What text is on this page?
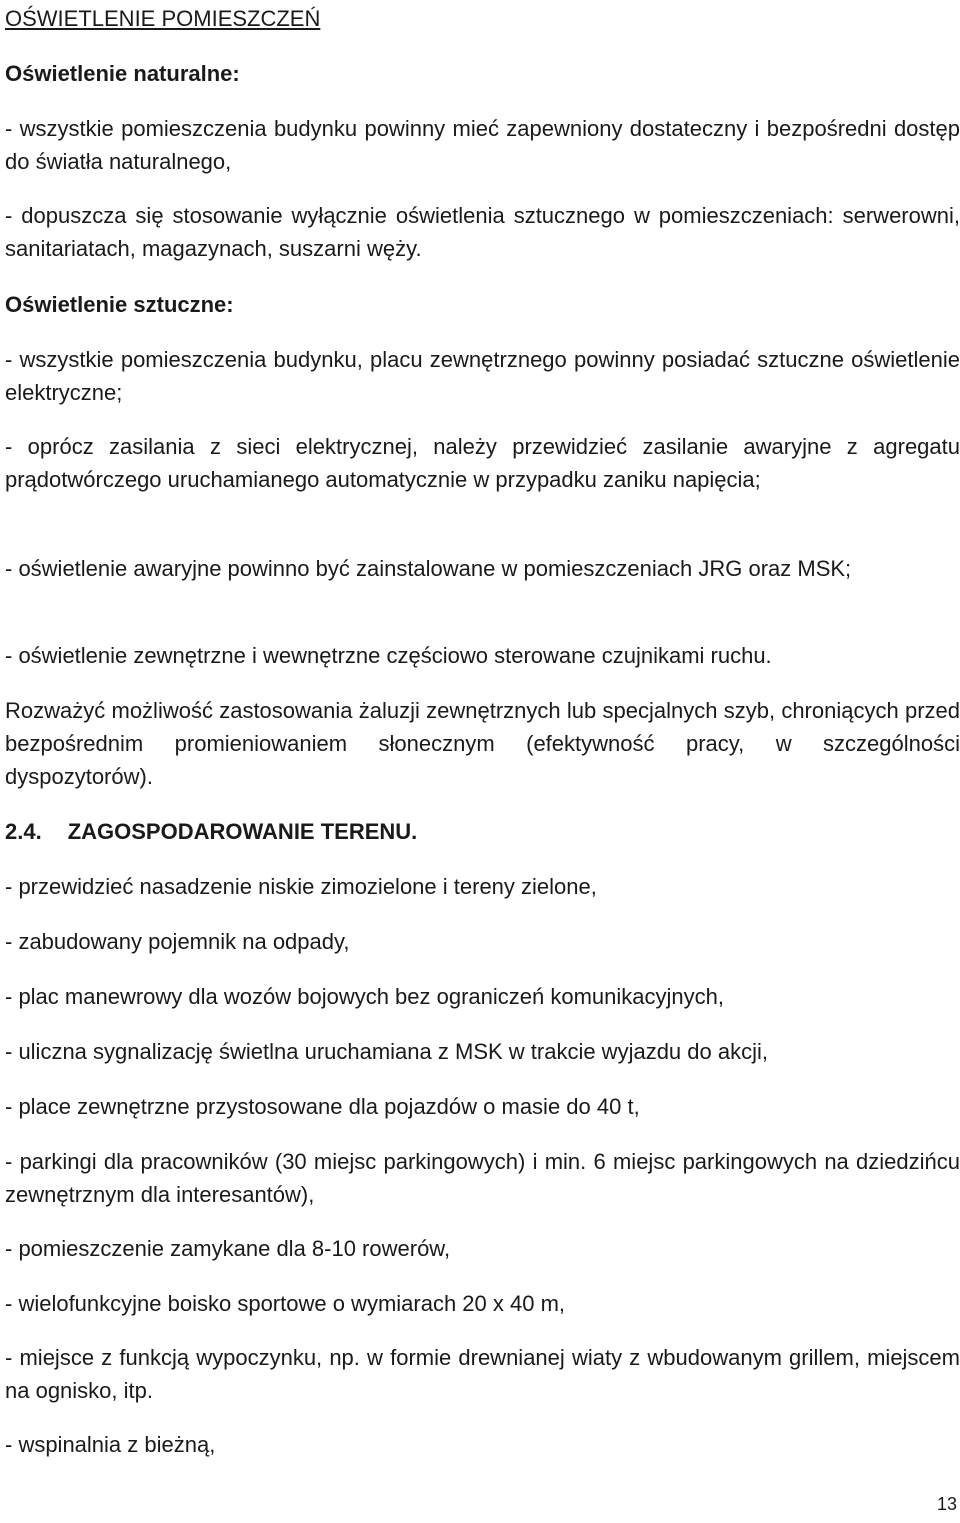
OŚWIETLENIE POMIESZCZEŃ

Oświetlenie naturalne:

- wszystkie pomieszczenia budynku powinny mieć zapewniony dostateczny i bezpośredni dostęp do światła naturalnego,

- dopuszcza się stosowanie wyłącznie oświetlenia sztucznego w pomieszczeniach: serwerowni, sanitariatach, magazynach, suszarni węży.

Oświetlenie sztuczne:

- wszystkie pomieszczenia budynku, placu zewnętrznego powinny posiadać sztuczne oświetlenie elektryczne;

- oprócz zasilania z sieci elektrycznej, należy przewidzieć zasilanie awaryjne z agregatu prądotwórczego uruchamianego automatycznie w przypadku zaniku napięcia;

- oświetlenie awaryjne powinno być zainstalowane w pomieszczeniach JRG oraz MSK;

- oświetlenie zewnętrzne i wewnętrzne częściowo sterowane czujnikami ruchu.

Rozważyć możliwość zastosowania żaluzji zewnętrznych lub specjalnych szyb, chroniących przed bezpośrednim promieniowaniem słonecznym (efektywność pracy, w szczególności dyspozytorów).

2.4. ZAGOSPODAROWANIE TERENU.

- przewidzieć nasadzenie niskie zimozielone i tereny zielone,

- zabudowany pojemnik na odpady,

- plac manewrowy dla wozów bojowych bez ograniczeń komunikacyjnych,

- uliczna sygnalizację świetlna uruchamiana z MSK w trakcie wyjazdu do akcji,

- place zewnętrzne przystosowane dla pojazdów o masie do 40 t,

- parkingi dla pracowników (30 miejsc parkingowych) i min. 6 miejsc parkingowych na dziedzińcu zewnętrznym dla interesantów),

- pomieszczenie zamykane dla 8-10 rowerów,

- wielofunkcyjne boisko sportowe o wymiarach 20 x 40 m,

- miejsce z funkcją wypoczynku, np. w formie drewnianej wiaty z wbudowanym grillem, miejscem na ognisko, itp.

- wspinalnia z bieżną,

13
